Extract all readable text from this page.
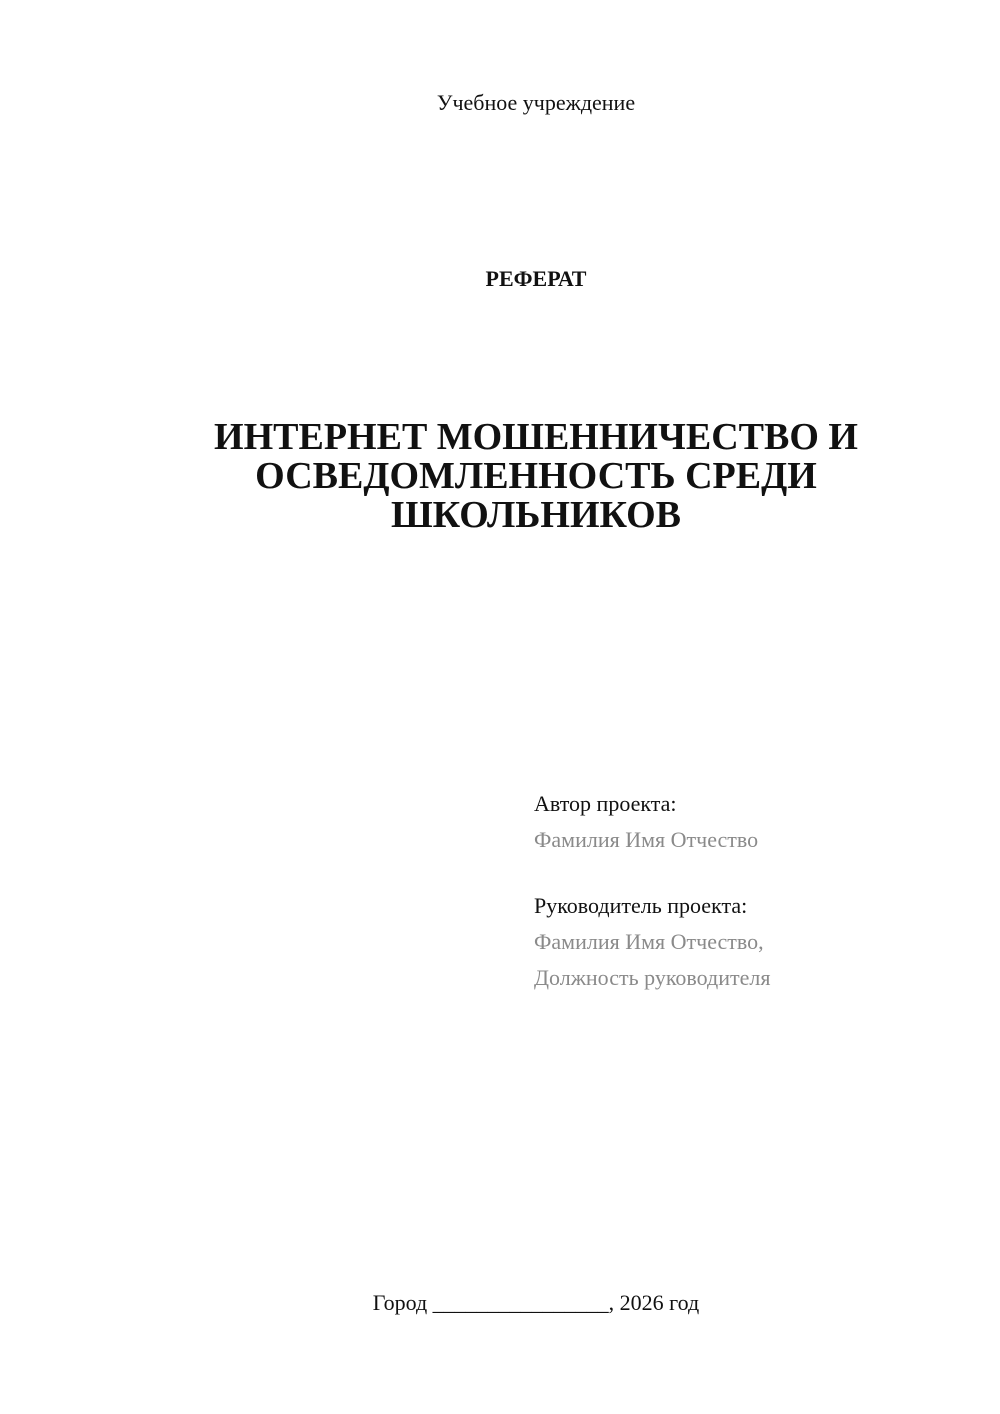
Учебное учреждение
РЕФЕРАТ
ИНТЕРНЕТ МОШЕННИЧЕСТВО И
ОСВЕДОМЛЕННОСТЬ СРЕДИ
ШКОЛЬНИКОВ
Автор проекта:
Фамилия Имя Отчество
Руководитель проекта:
Фамилия Имя Отчество,
Должность руководителя
Город ________________, 2026 год
